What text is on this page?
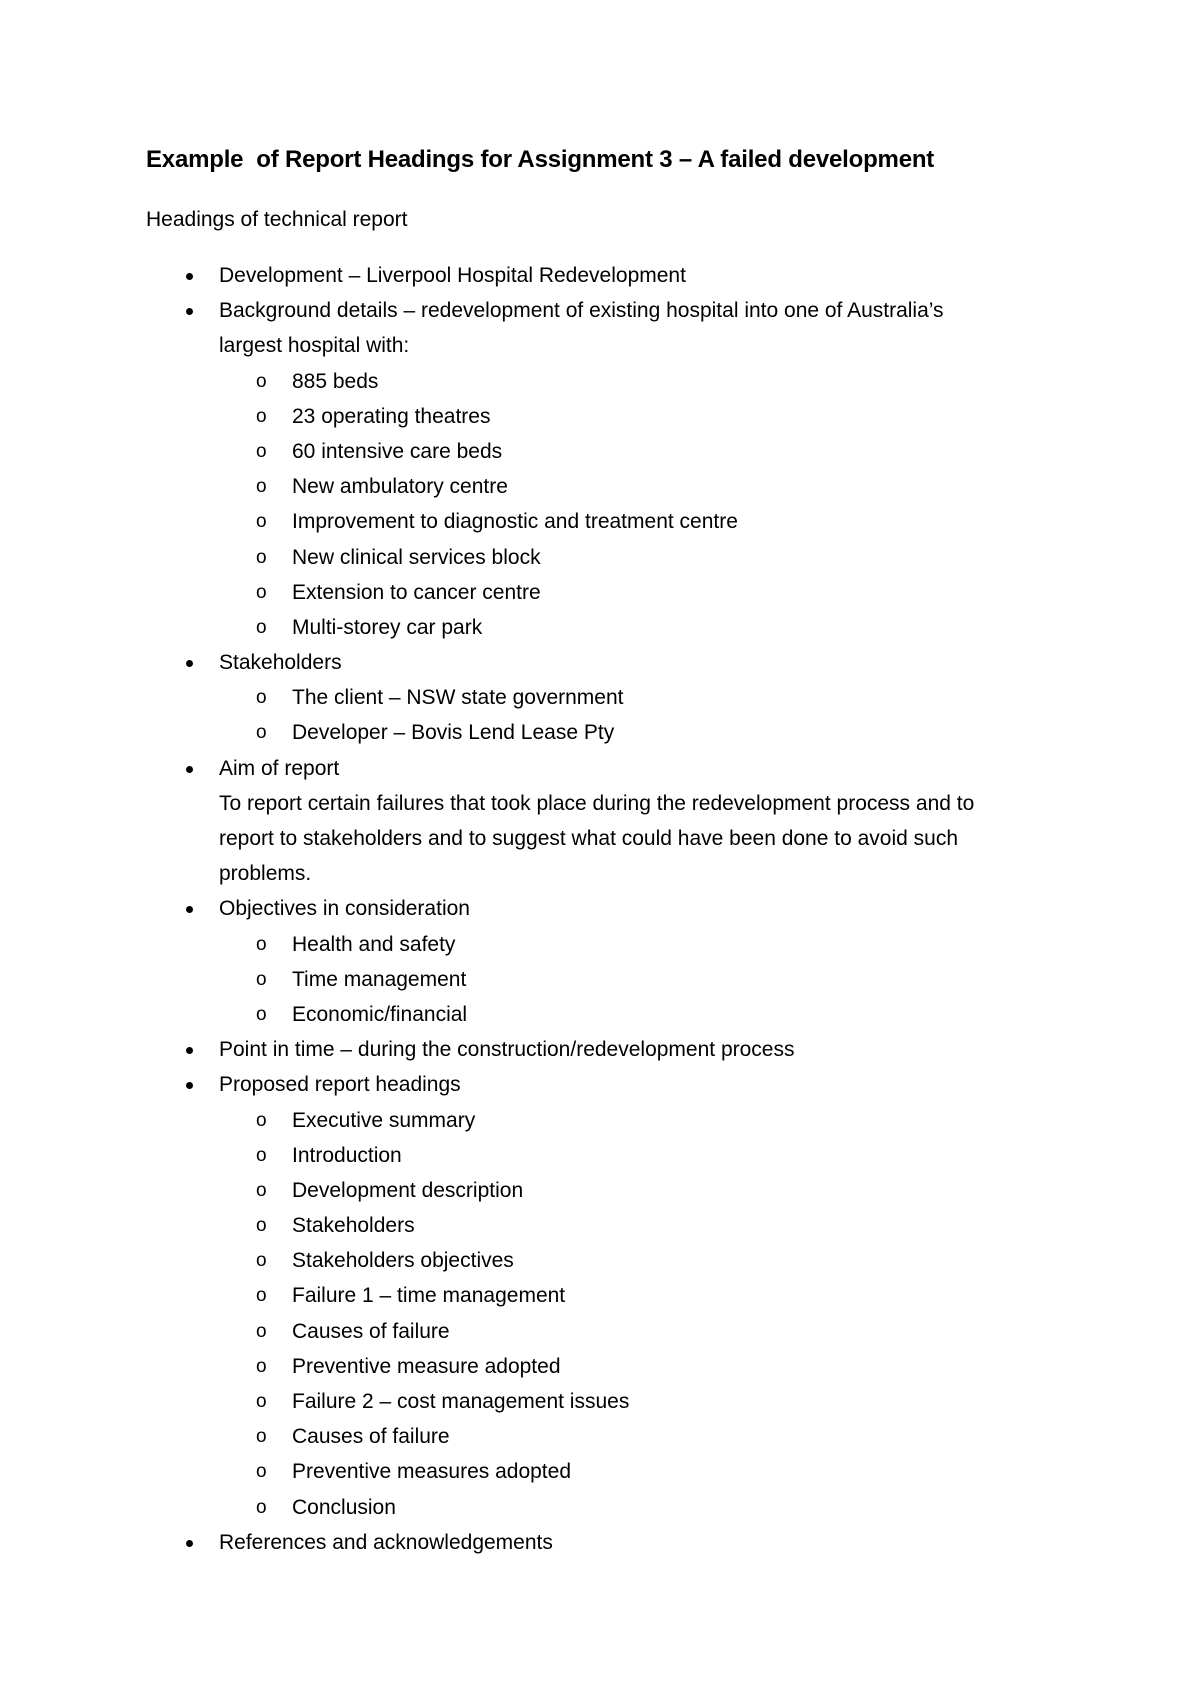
Example  of Report Headings for Assignment 3 – A failed development

Headings of technical report

Development – Liverpool Hospital Redevelopment
Background details – redevelopment of existing hospital into one of Australia’s
largest hospital with:
o 885 beds
o 23 operating theatres
o 60 intensive care beds
o New ambulatory centre
o Improvement to diagnostic and treatment centre
o New clinical services block
o Extension to cancer centre
o Multi-storey car park
Stakeholders
o The client – NSW state government
o Developer – Bovis Lend Lease Pty
Aim of report
To report certain failures that took place during the redevelopment process and to
report to stakeholders and to suggest what could have been done to avoid such
problems.
Objectives in consideration
o Health and safety
o Time management
o Economic/financial
Point in time – during the construction/redevelopment process
Proposed report headings
o Executive summary
o Introduction
o Development description
o Stakeholders
o Stakeholders objectives
o Failure 1 – time management
o Causes of failure
o Preventive measure adopted
o Failure 2 – cost management issues
o Causes of failure
o Preventive measures adopted
o Conclusion
References and acknowledgements
